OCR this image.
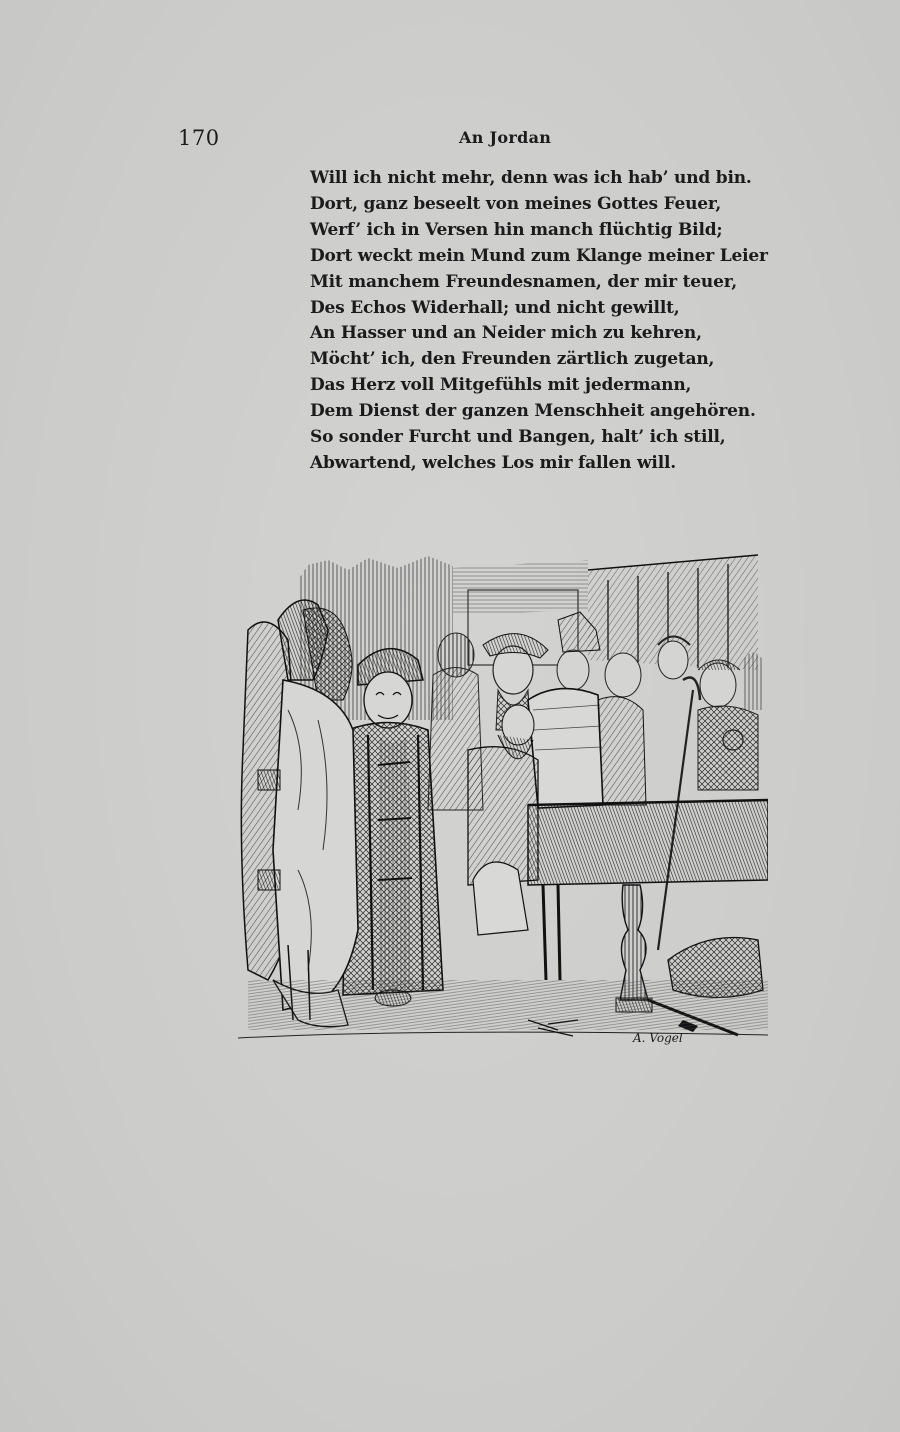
170	An Jordan
Will ich nicht mehr, denn was ich hab’ und bin.
Dort, ganz beseelt von meines Gottes Feuer,
Werf’ ich in Versen hin manch flüchtig Bild;
Dort weckt mein Mund zum Klange meiner Leier
Mit manchem Freundesnamen, der mir teuer,
Des Echos Widerhall; und nicht gewillt,
An Hasser und an Neider mich zu kehren,
Möcht’ ich, den Freunden zärtlich zugetan,
Das Herz voll Mitgefühls mit jedermann,
Dem Dienst der ganzen Menschheit angehören.
So sonder Furcht und Bangen, halt’ ich still,
Abwartend, welches Los mir fallen will.
A. Vogel
